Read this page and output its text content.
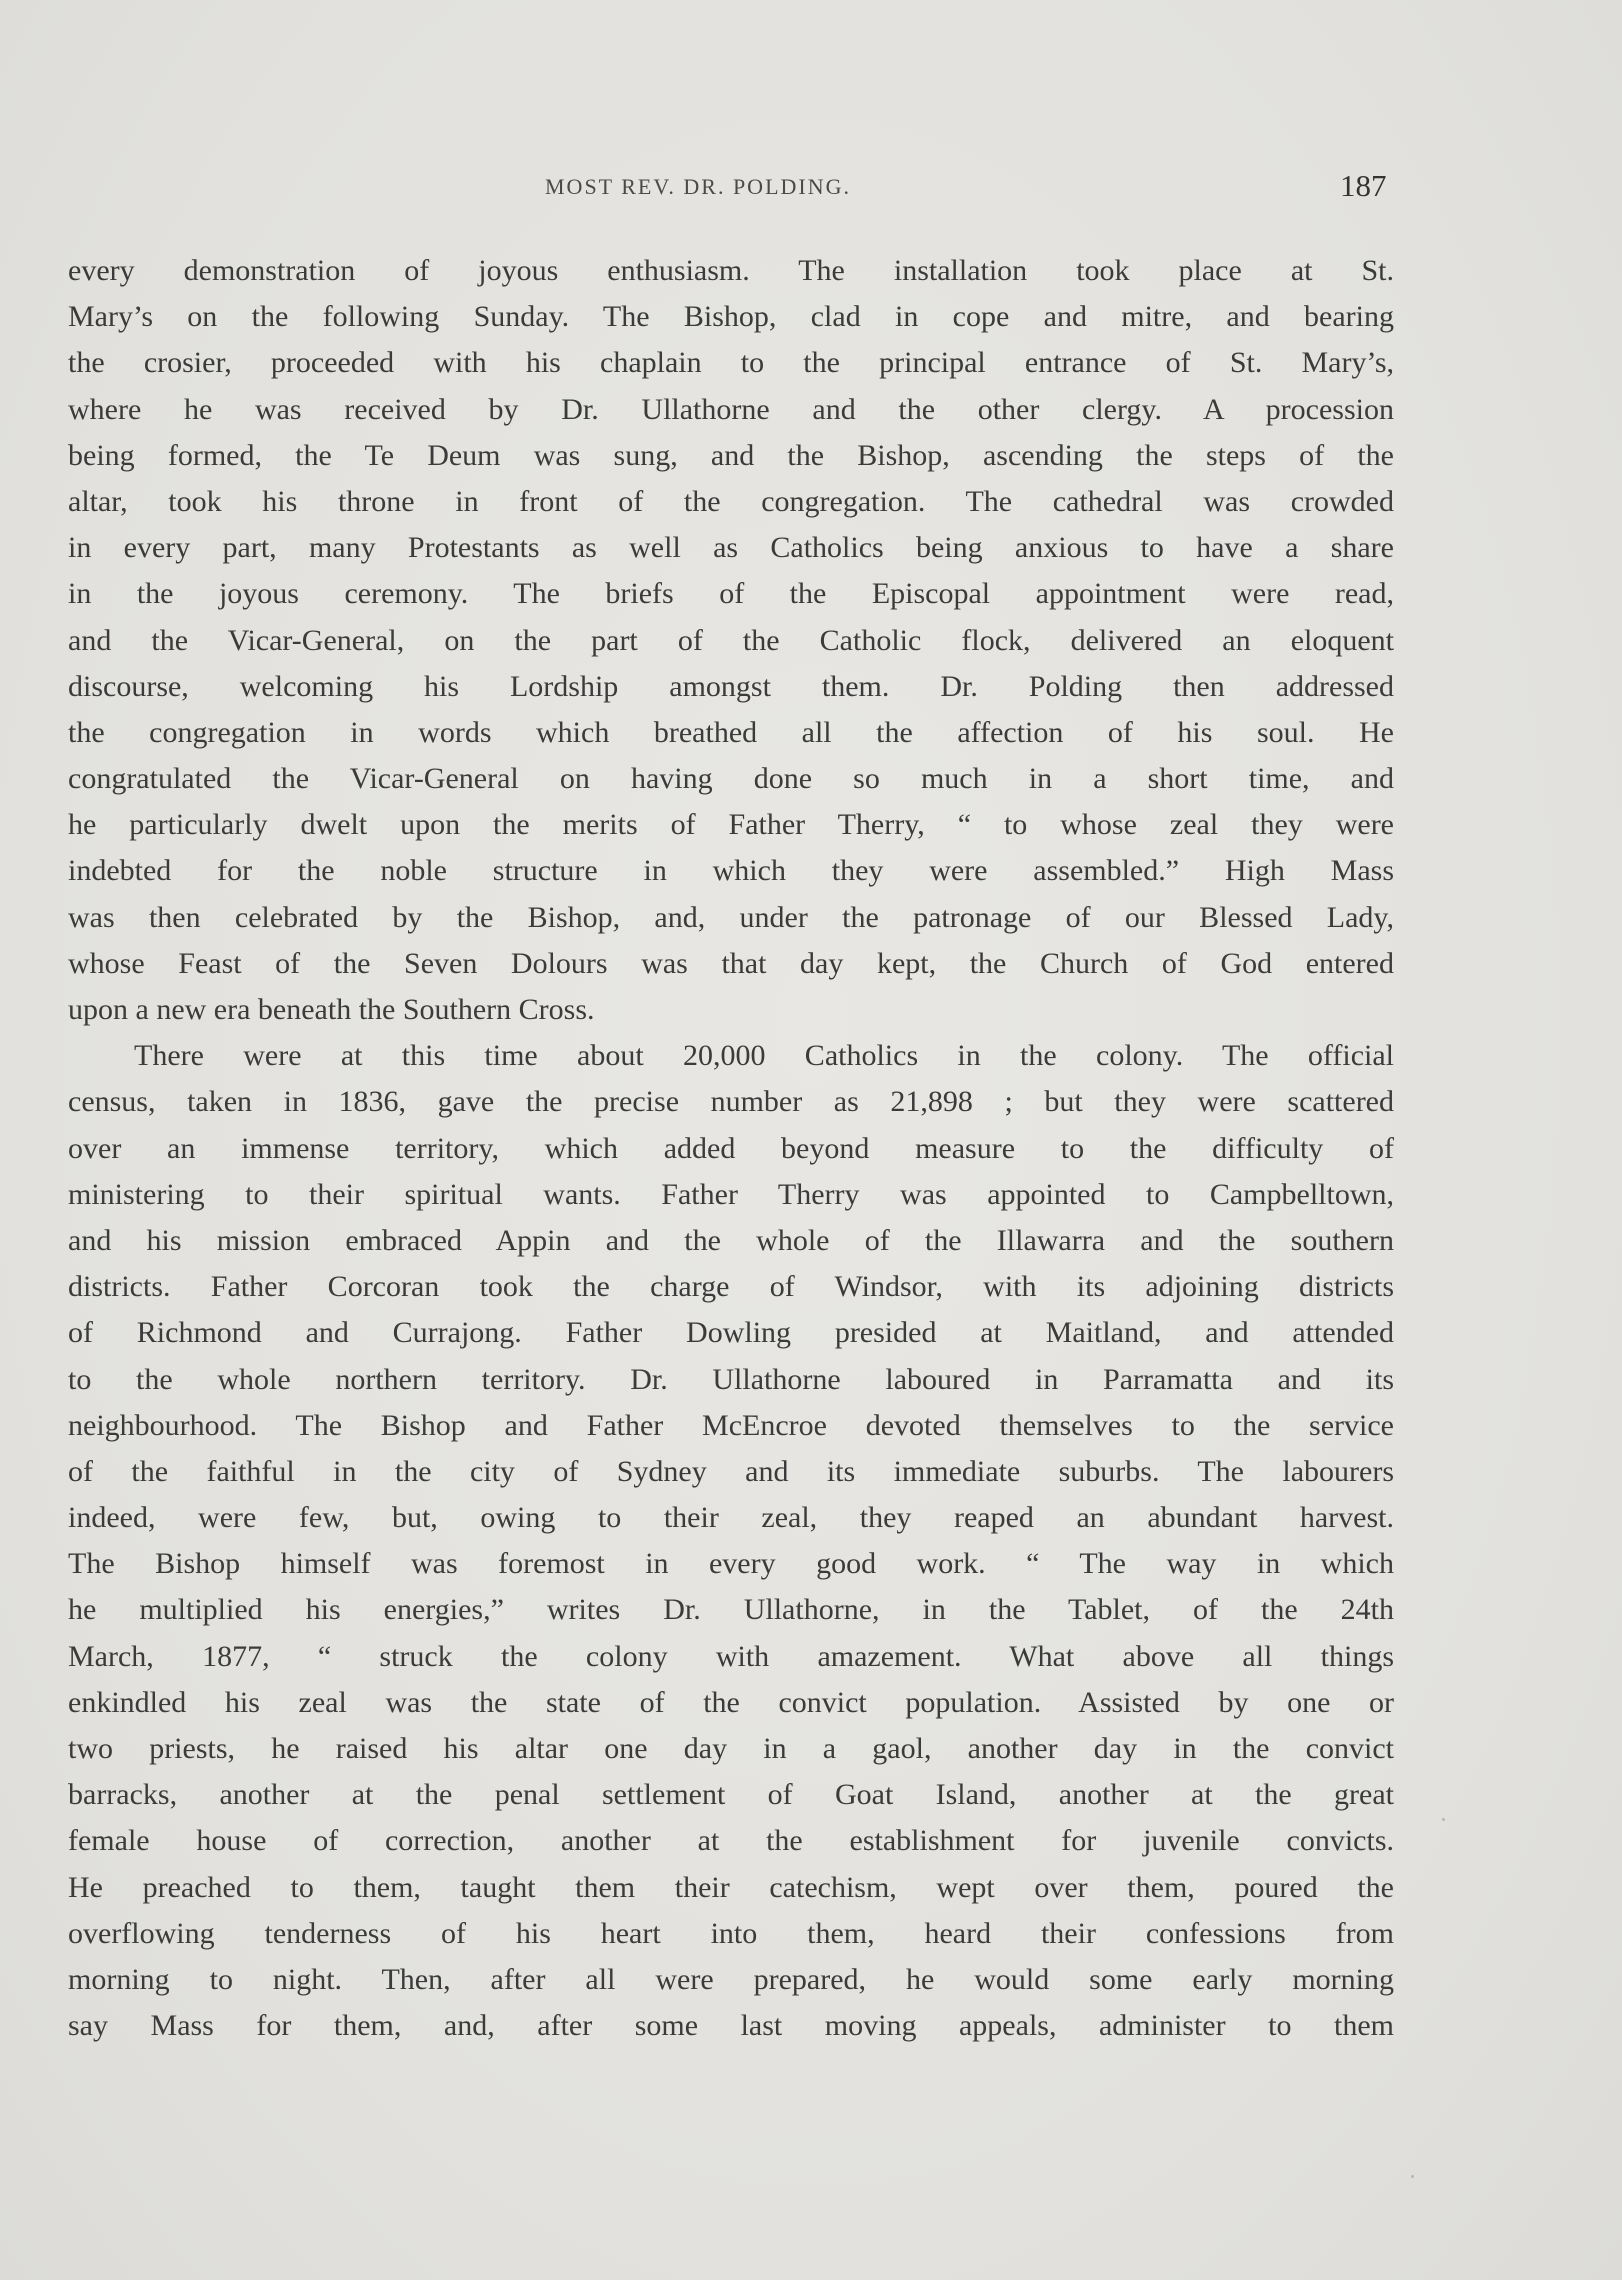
MOST REV. DR. POLDING.	187
every demonstration of joyous enthusiasm. The installation took place at St.
Mary’s on the following Sunday. The Bishop, clad in cope and mitre, and bearing
the crosier, proceeded with his chaplain to the principal entrance of St. Mary’s,
where he was received by Dr. Ullathorne and the other clergy. A procession
being formed, the Te Deum was sung, and the Bishop, ascending the steps of the
altar, took his throne in front of the congregation. The cathedral was crowded
in every part, many Protestants as well as Catholics being anxious to have a share
in the joyous ceremony. The briefs of the Episcopal appointment were read,
and the Vicar-General, on the part of the Catholic flock, delivered an eloquent
discourse, welcoming his Lordship amongst them. Dr. Polding then addressed
the congregation in words which breathed all the affection of his soul. He
congratulated the Vicar-General on having done so much in a short time, and
he particularly dwelt upon the merits of Father Therry, “ to whose zeal they were
indebted for the noble structure in which they were assembled.” High Mass
was then celebrated by the Bishop, and, under the patronage of our Blessed Lady,
whose Feast of the Seven Dolours was that day kept, the Church of God entered
upon a new era beneath the Southern Cross.
There were at this time about 20,000 Catholics in the colony. The official
census, taken in 1836, gave the precise number as 21,898 ; but they were scattered
over an immense territory, which added beyond measure to the difficulty of
ministering to their spiritual wants. Father Therry was appointed to Campbelltown,
and his mission embraced Appin and the whole of the Illawarra and the southern
districts. Father Corcoran took the charge of Windsor, with its adjoining districts
of Richmond and Currajong. Father Dowling presided at Maitland, and attended
to the whole northern territory. Dr. Ullathorne laboured in Parramatta and its
neighbourhood. The Bishop and Father McEncroe devoted themselves to the service
of the faithful in the city of Sydney and its immediate suburbs. The labourers
indeed, were few, but, owing to their zeal, they reaped an abundant harvest.
The Bishop himself was foremost in every good work. “ The way in which
he multiplied his energies,” writes Dr. Ullathorne, in the Tablet, of the 24th
March, 1877, “ struck the colony with amazement. What above all things
enkindled his zeal was the state of the convict population. Assisted by one or
two priests, he raised his altar one day in a gaol, another day in the convict
barracks, another at the penal settlement of Goat Island, another at the great
female house of correction, another at the establishment for juvenile convicts.
He preached to them, taught them their catechism, wept over them, poured the
overflowing tenderness of his heart into them, heard their confessions from
morning to night. Then, after all were prepared, he would some early morning
say Mass for them, and, after some last moving appeals, administer to them
